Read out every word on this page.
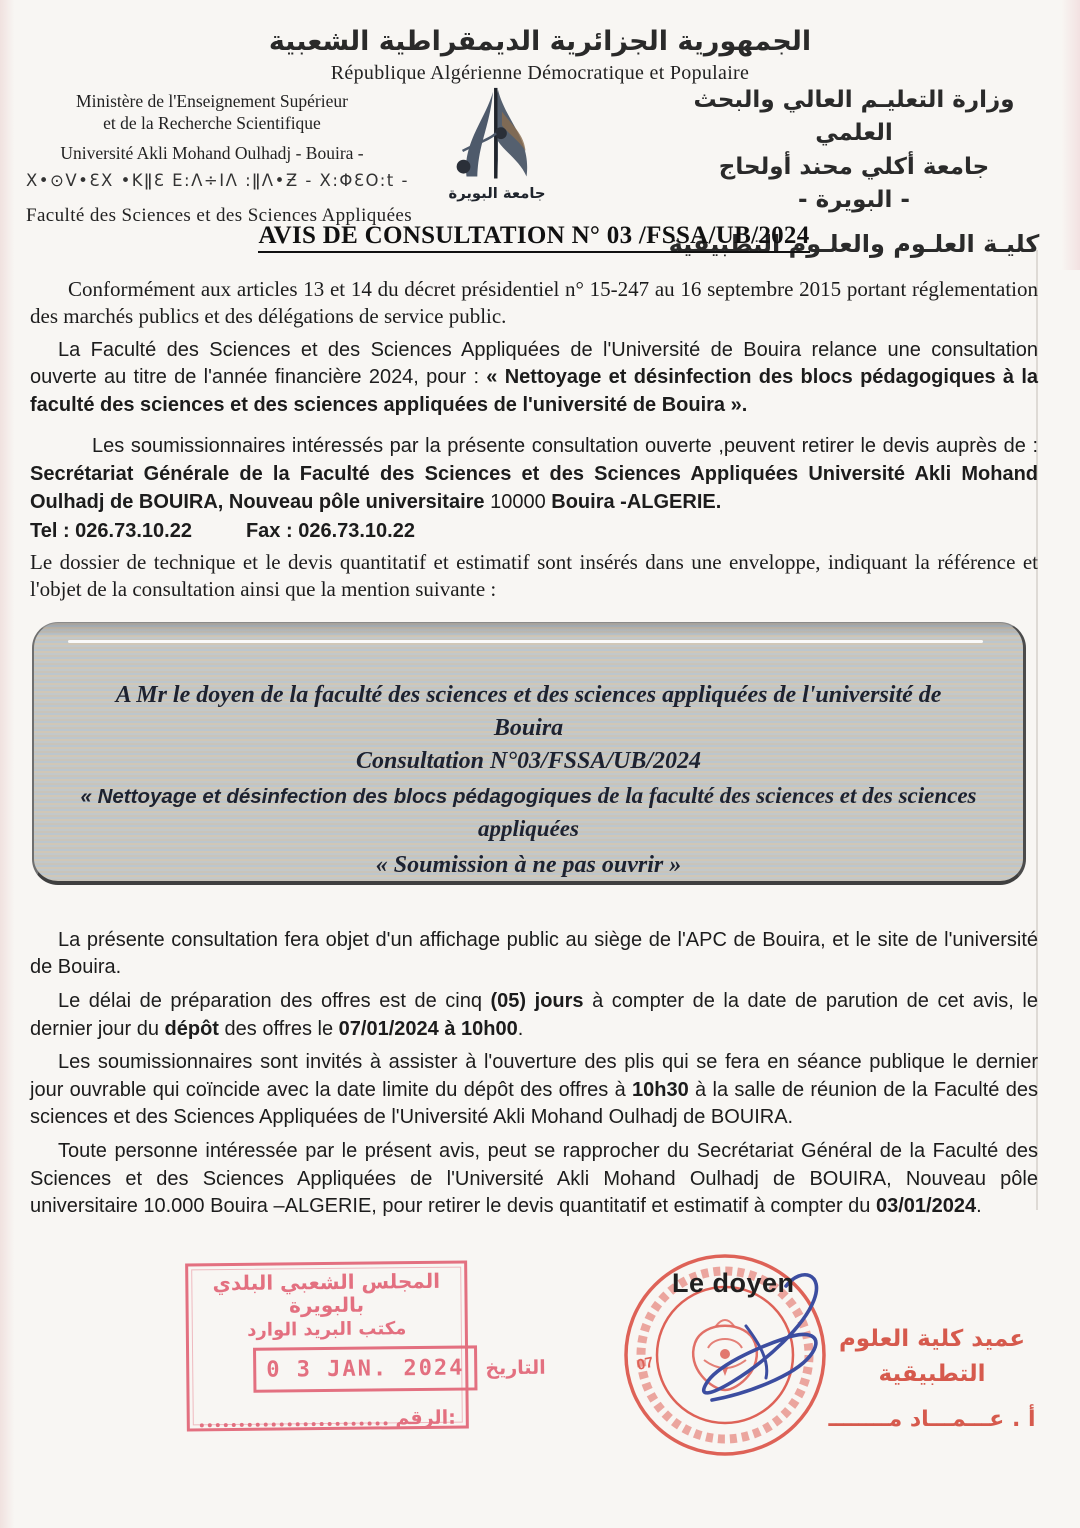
الجمهورية الجزائرية الديمقراطية الشعبية
République Algérienne Démocratique et Populaire
Ministère de l'Enseignement Supérieur
et de la Recherche Scientifique
Université Akli Mohand Oulhadj - Bouira -
X•⊙V•ƐX •KǁƐ Ε:Λ÷IΛ :ǁΛ•Ƶ - X:ΦƐO:t -
Faculté des Sciences et des Sciences Appliquées
جامعة البويرة
وزارة التعليـم العالي والبحث العلمي
جامعة أكلي محند أولحاج
- البويرة -
كليـة العلـوم والعلـوم التطبيقية
AVIS DE CONSULTATION N° 03 /FSSA/UB/2024

Conformément aux articles 13 et 14 du décret présidentiel n° 15-247 au 16 septembre 2015 portant réglementation des marchés publics et des délégations de service public.

La Faculté des Sciences et des Sciences Appliquées de l'Université de Bouira relance une consultation ouverte au titre de l'année financière 2024, pour : « Nettoyage et désinfection des blocs pédagogiques à la faculté des sciences et des sciences appliquées de l'université de Bouira ».

Les soumissionnaires intéressés par la présente consultation ouverte ,peuvent retirer le devis auprès de : Secrétariat Générale de la Faculté des Sciences et des Sciences Appliquées Université Akli Mohand Oulhadj de BOUIRA, Nouveau pôle universitaire 10000 Bouira -ALGERIE.

Tel : 026.73.10.22	Fax : 026.73.10.22

Le dossier de technique et le devis quantitatif et estimatif sont insérés dans une enveloppe, indiquant la référence et l'objet de la consultation ainsi que la mention suivante :

A Mr le doyen de la faculté des sciences et des sciences appliquées de l'université de Bouira
Consultation N°03/FSSA/UB/2024
« Nettoyage et désinfection des blocs pédagogiques de la faculté des sciences et des sciences appliquées
« Soumission à ne pas ouvrir »

La présente consultation fera objet d'un affichage public au siège de l'APC de Bouira, et le site de l'université de Bouira.

Le délai de préparation des offres est de cinq (05) jours à compter de la date de parution de cet avis, le dernier jour du dépôt des offres le 07/01/2024 à 10h00.

Les soumissionnaires sont invités à assister à l'ouverture des plis qui se fera en séance publique le dernier jour ouvrable qui coïncide avec la date limite du dépôt des offres à 10h30 à la salle de réunion de la Faculté des sciences et des Sciences Appliquées de l'Université Akli Mohand Oulhadj de BOUIRA.

Toute personne intéressée par le présent avis, peut se rapprocher du Secrétariat Général de la Faculté des Sciences et des Sciences Appliquées de l'Université Akli Mohand Oulhadj de BOUIRA, Nouveau pôle universitaire 10.000 Bouira –ALGERIE, pour retirer le devis quantitatif et estimatif à compter du 03/01/2024.

المجلس الشعبي البلدي بالبويرة
مكتب البريد الوارد
0 3 JAN. 2024	التاريخ
الرقم:
07
Le doyen
عميد كلية العلوم
التطبيقية
أ . عـــمـــاد مــــــــ
